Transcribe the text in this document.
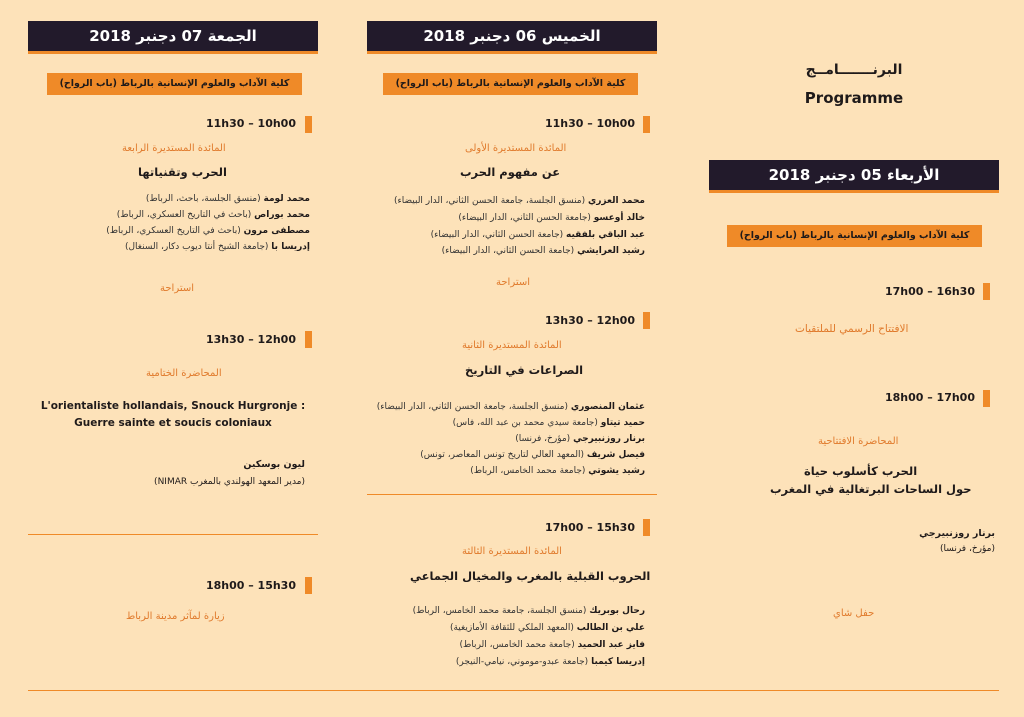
البرنـــــــامــج
Programme
الأربعاء 05 دجنبر 2018
كلية الآداب والعلوم الإنسانية بالرباط (باب الرواح)
17h00 – 16h30
الافتتاح الرسمي للملتقيات
18h00 – 17h00
المحاضرة الافتتاحية
الحرب كأسلوب حياة
حول الساحات البرتغالية في المغرب
برنار روزنبيرجي
(مؤرخ، فرنسا)
حفل شاي
الخميس 06 دجنبر 2018
كلية الآداب والعلوم الإنسانية بالرباط (باب الرواح)
11h30 – 10h00
المائدة المستديرة الأولى
عن مفهوم الحرب
محمد العزري (منسق الجلسة، جامعة الحسن الثاني، الدار البيضاء)
خالد أوعسو (جامعة الحسن الثاني، الدار البيضاء)
عبد الباقي بلفقيه (جامعة الحسن الثاني، الدار البيضاء)
رشيد العرايشي (جامعة الحسن الثاني، الدار البيضاء)
استراحة
13h30 – 12h00
المائدة المستديرة الثانية
الصراعات في التاريخ
عثمان المنصوري (منسق الجلسة، جامعة الحسن الثاني، الدار البيضاء)
حميد تيتاو (جامعة سيدي محمد بن عبد الله، فاس)
برنار روزنبيرجي (مؤرخ، فرنسا)
فيصل شريف (المعهد العالي لتاريخ تونس المعاصر، تونس)
رشيد يشوتي (جامعة محمد الخامس، الرباط)
17h00 – 15h30
المائدة المستديرة الثالثة
الحروب القبلية بالمغرب والمخيال الجماعي
رحال بوبريك (منسق الجلسة، جامعة محمد الخامس، الرباط)
علي بن الطالب (المعهد الملكي للثقافة الأمازيغية)
فايز عبد الحميد (جامعة محمد الخامس، الرباط)
إدريسا كيمبا (جامعة عبدو-موموني، نيامي-النيجر)
الجمعة 07 دجنبر 2018
كلية الآداب والعلوم الإنسانية بالرباط (باب الرواح)
11h30 – 10h00
المائدة المستديرة الرابعة
الحرب وتقنياتها
محمد لومة (منسق الجلسة، باحث، الرباط)
محمد بوراص (باحث في التاريخ العسكري، الرباط)
مصطفى مرون (باحث في التاريخ العسكري، الرباط)
إدريسا با (جامعة الشيخ أنتا ديوب دكار، السنغال)
استراحة
13h30 – 12h00
المحاضرة الختامية
L'orientaliste hollandais, Snouck Hurgronje :
Guerre sainte et soucis coloniaux
ليون بوسكين
(مدير المعهد الهولندي بالمغرب NIMAR)
18h00 – 15h30
زيارة لمآثر مدينة الرباط
